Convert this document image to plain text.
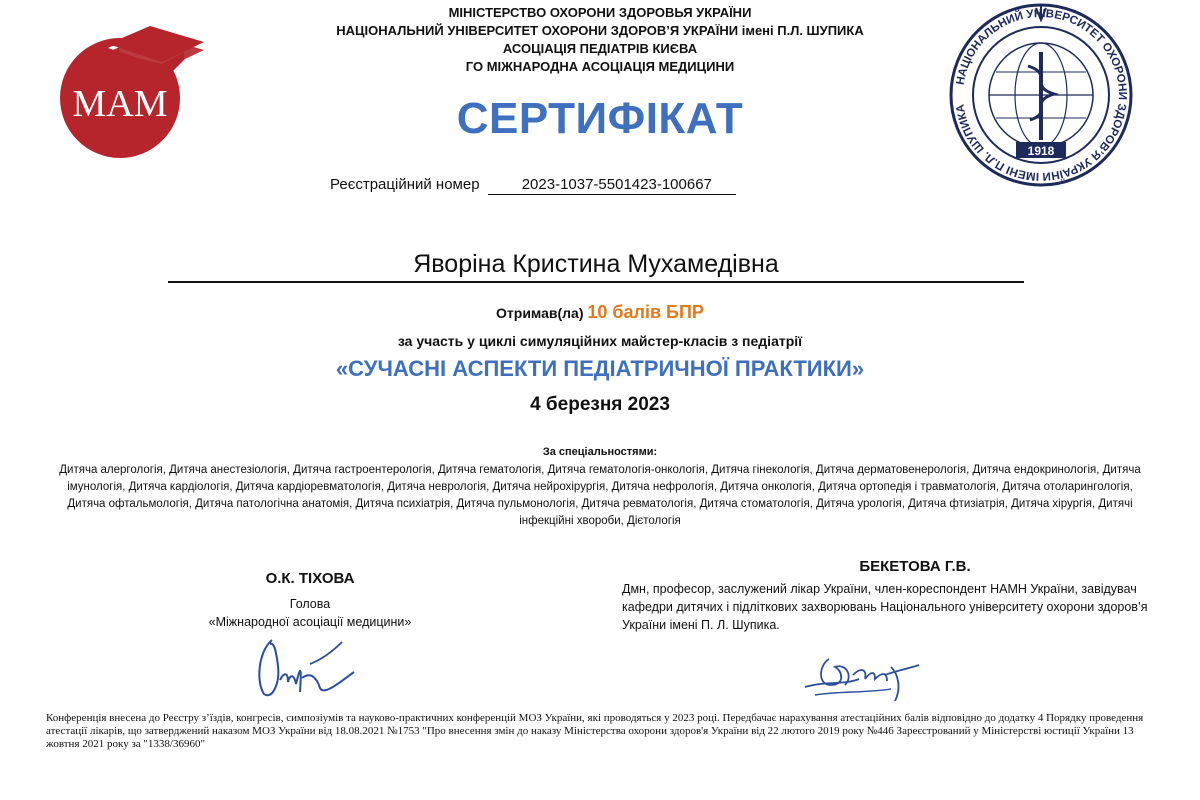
МІНІСТЕРСТВО ОХОРОНИ ЗДОРОВЬЯ УКРАЇНИ
НАЦІОНАЛЬНИЙ УНІВЕРСИТЕТ ОХОРОНИ ЗДОРОВ’Я УКРАЇНИ імені П.Л. ШУПИКА
АСОЦІАЦІЯ ПЕДІАТРІВ КИЄВА
ГО МІЖНАРОДНА АСОЦІАЦІЯ МЕДИЦИНИ
МАМ
НАЦІОНАЛЬНИЙ УНІВЕРСИТЕТ ОХОРОНИ ЗДОРОВ’Я УКРАЇНИ ІМЕНІ П.Л. ШУПИКА
1918
СЕРТИФІКАТ
Реєстраційний номер	2023-1037-5501423-100667
Яворіна Кристина Мухамедівна
Отримав(ла) 10 балів БПР
за участь у циклі симуляційних майстер-класів з педіатрії
«СУЧАСНІ АСПЕКТИ ПЕДІАТРИЧНОЇ ПРАКТИКИ»
4 березня 2023
За спеціальностями:
Дитяча алергологія, Дитяча анестезіологія, Дитяча гастроентерологія, Дитяча гематологія, Дитяча гематологія-онкологія, Дитяча гінекологія, Дитяча дерматовенерологія, Дитяча ендокринологія, Дитяча імунологія, Дитяча кардіологія, Дитяча кардіоревматологія, Дитяча неврологія, Дитяча нейрохірургія, Дитяча нефрологія, Дитяча онкологія, Дитяча ортопедія і травматологія, Дитяча отоларингологія, Дитяча офтальмологія, Дитяча патологічна анатомія, Дитяча психіатрія, Дитяча пульмонологія, Дитяча ревматологія, Дитяча стоматологія, Дитяча урологія, Дитяча фтизіатрія, Дитяча хірургія, Дитячі інфекційні хвороби, Дієтологія
О.К. ТІХОВА
Голова
«Міжнародної асоціації медицини»
БЕКЕТОВА Г.В.
Дмн, професор, заслужений лікар України, член-кореспондент НАМН України, завідувач кафедри дитячих і підліткових захворювань Національного університету охорони здоров’я України імені П. Л. Шупика.
Конференція внесена до Реєстру з’їздів, конгресів, симпозіумів та науково-практичних конференцій МОЗ України, які проводяться у 2023 році. Передбачає нарахування атестаційних балів відповідно до додатку 4 Порядку проведення атестації лікарів, що затверджений наказом МОЗ України від 18.08.2021 №1753 "Про внесення змін до наказу Міністерства охорони здоров'я України від 22 лютого 2019 року №446 Зареєстрований у Міністерстві юстиції України 13 жовтня 2021 року за "1338/36960"
